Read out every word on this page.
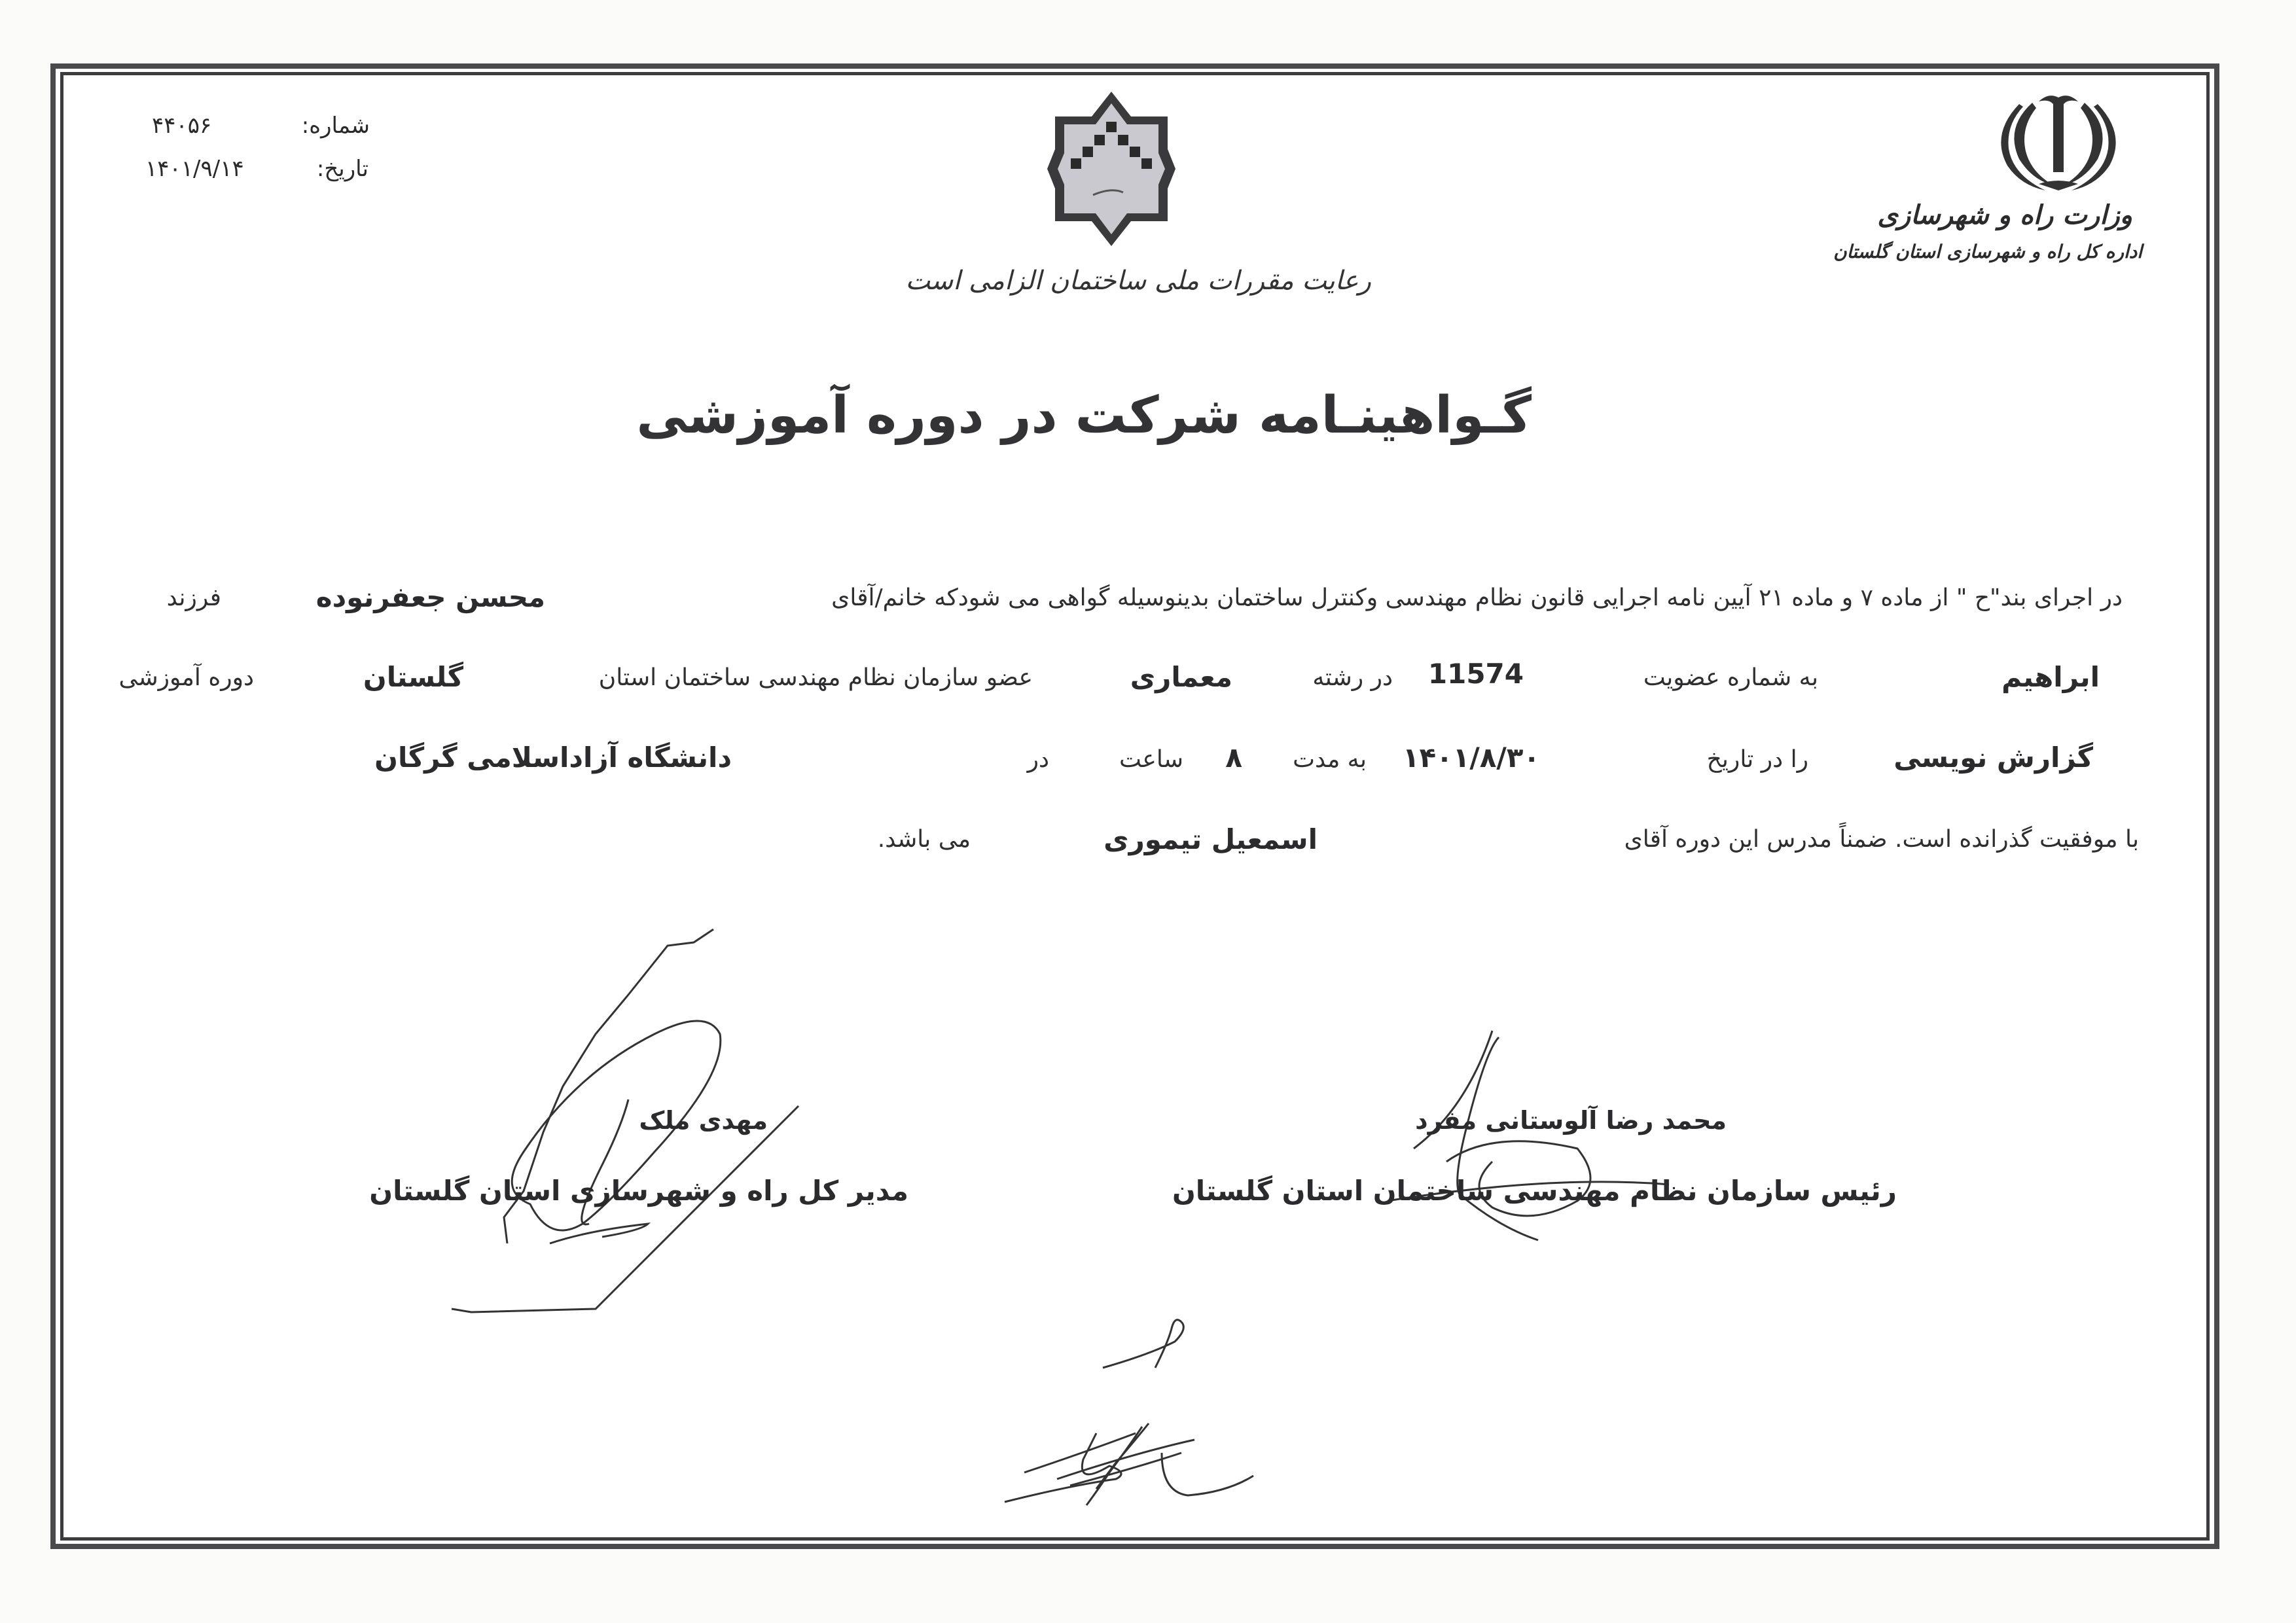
شماره:
۴۴۰۵۶
تاریخ:
۱۴۰۱/۹/۱۴
رعایت مقررات ملی ساختمان الزامی است
وزارت راه و شهرسازی
اداره کل راه و شهرسازی استان گلستان
گـواهینـامه شرکت در دوره آموزشی
در اجرای بند"ح " از ماده ۷ و ماده ۲۱ آیین نامه اجرایی قانون نظام مهندسی وکنترل ساختمان بدینوسیله گواهی می شودکه خانم/آقای
محسن جعفرنوده
فرزند
ابراهیم
به شماره عضویت
11574
در رشته
معماری
عضو سازمان نظام مهندسی ساختمان استان
گلستان
دوره آموزشی
گزارش نویسی
را در تاریخ
۱۴۰۱/۸/۳۰
به مدت
۸
ساعت
در
دانشگاه آزاداسلامی گرگان
با موفقیت گذرانده است. ضمناً مدرس این دوره آقای
اسمعیل تیموری
می باشد.
مهدی ملک
مدیر کل راه و شهرسازی استان گلستان
محمد رضا آلوستانی مفرد
رئیس سازمان نظام مهندسی ساختمان استان گلستان
